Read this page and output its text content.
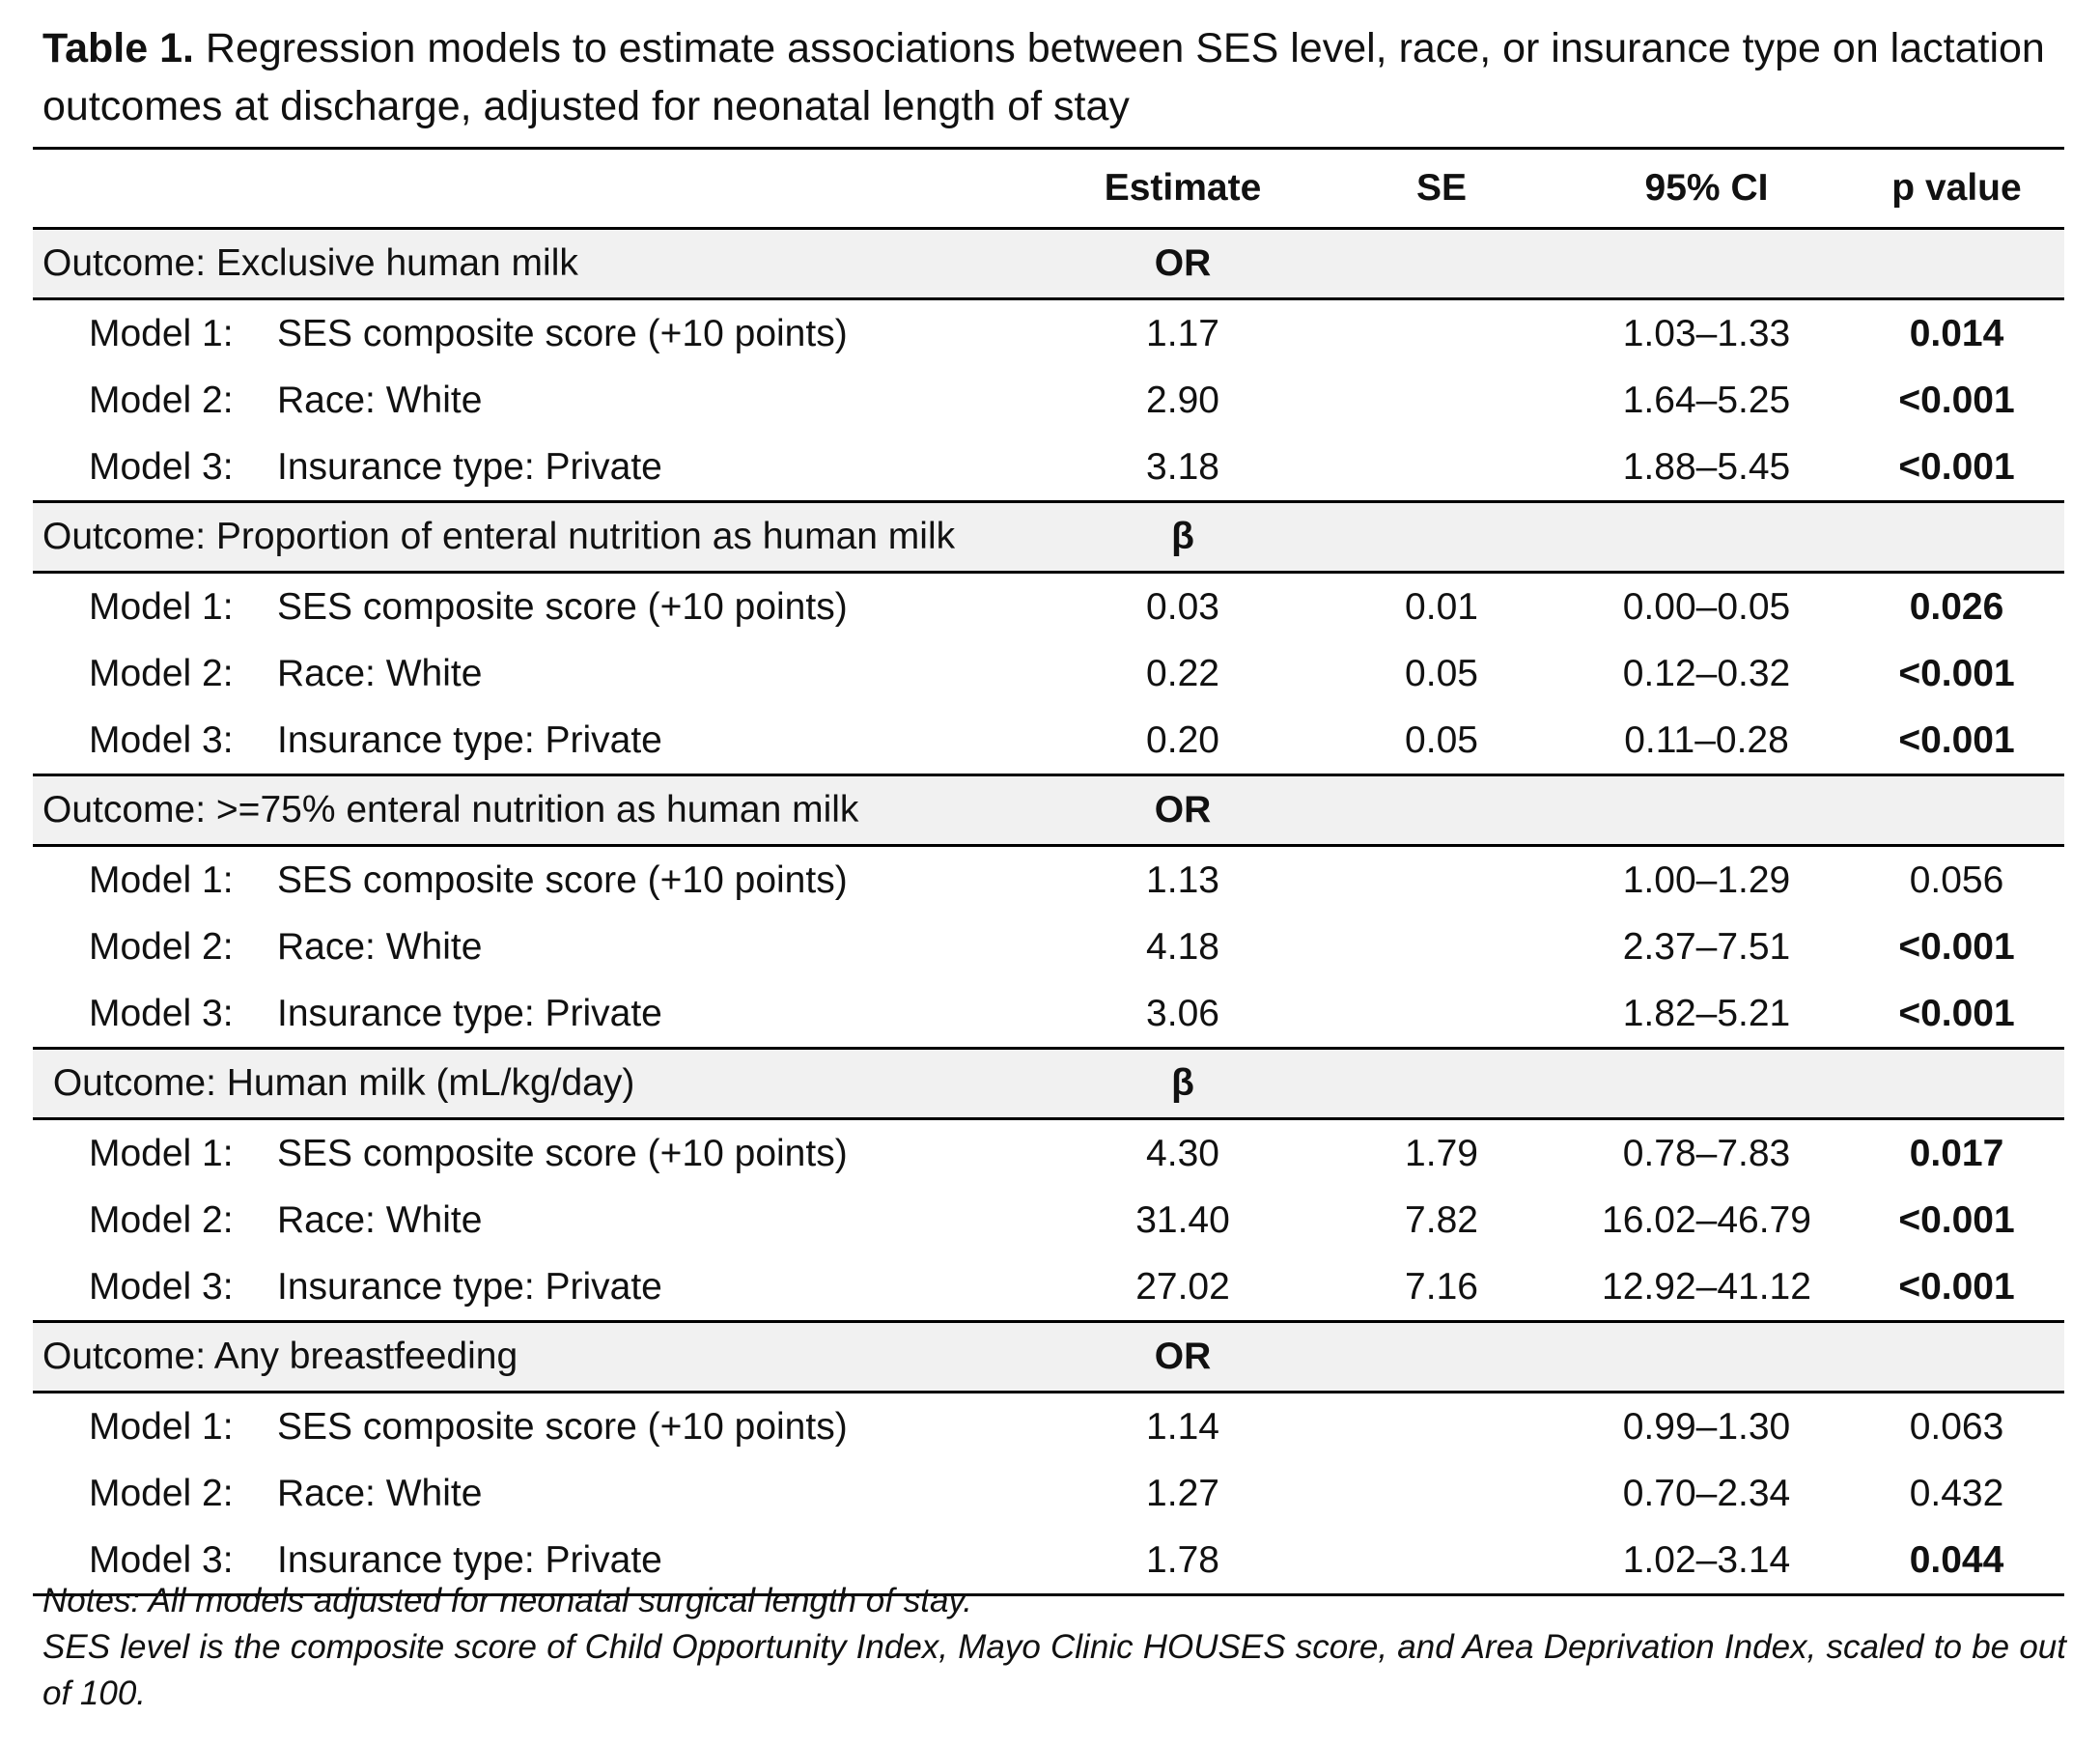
Table 1. Regression models to estimate associations between SES level, race, or insurance type on lactation outcomes at discharge, adjusted for neonatal length of stay
	Estimate	SE	95% CI	p value
Outcome: Exclusive human milk	OR			
Model 1: SES composite score (+10 points)	1.17		1.03–1.33	0.014
Model 2: Race: White	2.90		1.64–5.25	<0.001
Model 3: Insurance type: Private	3.18		1.88–5.45	<0.001
Outcome: Proportion of enteral nutrition as human milk	β			
Model 1: SES composite score (+10 points)	0.03	0.01	0.00–0.05	0.026
Model 2: Race: White	0.22	0.05	0.12–0.32	<0.001
Model 3: Insurance type: Private	0.20	0.05	0.11–0.28	<0.001
Outcome: >=75% enteral nutrition as human milk	OR			
Model 1: SES composite score (+10 points)	1.13		1.00–1.29	0.056
Model 2: Race: White	4.18		2.37–7.51	<0.001
Model 3: Insurance type: Private	3.06		1.82–5.21	<0.001
Outcome: Human milk (mL/kg/day)	β			
Model 1: SES composite score (+10 points)	4.30	1.79	0.78–7.83	0.017
Model 2: Race: White	31.40	7.82	16.02–46.79	<0.001
Model 3: Insurance type: Private	27.02	7.16	12.92–41.12	<0.001
Outcome: Any breastfeeding	OR			
Model 1: SES composite score (+10 points)	1.14		0.99–1.30	0.063
Model 2: Race: White	1.27		0.70–2.34	0.432
Model 3: Insurance type: Private	1.78		1.02–3.14	0.044

Notes: All models adjusted for neonatal surgical length of stay.

SES level is the composite score of Child Opportunity Index, Mayo Clinic HOUSES score, and Area Deprivation Index, scaled to be out of 100.
